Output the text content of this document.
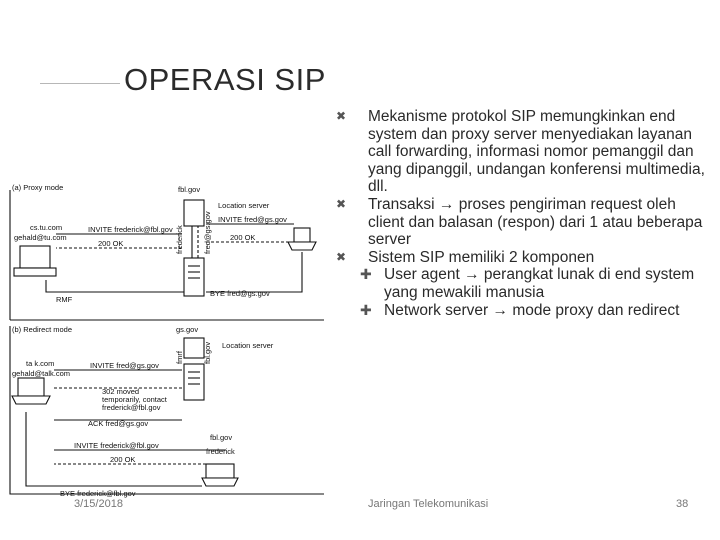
OPERASI SIP
(a) Proxy mode	fbl.gov
cs.tu.com
gehald@tu.com
Location server
INVITE frederick@fbl.gov
INVITE fred@gs.gov
200 OK
200 OK
BYE fred@gs.gov
RMF
frederick	fred@gs.gov
(b) Redirect mode	gs.gov
ta k.com
gehald@talk.com
Location server
fmrf	fbl.gov
INVITE fred@gs.gov
302 moved
temporarily, contact
frederick@fbl.gov
ACK fred@gs.gov
INVITE frederick@fbl.gov
200 OK
BYE frederick@fbl.gov
fbl.gov
frederick
✖ Mekanisme protokol SIP memungkinkan end system dan proxy server menyediakan layanan call forwarding, informasi nomor pemanggil dan yang dipanggil, undangan konferensi multimedia, dll.
✖ Transaksi → proses pengiriman request oleh client dan balasan (respon) dari 1 atau beberapa server
✖ Sistem SIP memiliki 2 komponen
✚ User agent → perangkat lunak di end system yang mewakili manusia
✚ Network server → mode proxy dan redirect
3/15/2018	Jaringan Telekomunikasi	38
